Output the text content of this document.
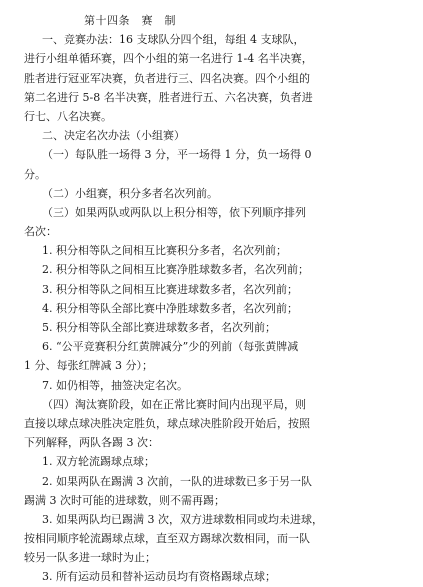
第十四条　赛　制
一、竞赛办法：16 支球队分四个组，每组 4 支球队，
进行小组单循环赛，四个小组的第一名进行 1-4 名半决赛，
胜者进行冠亚军决赛，负者进行三、四名决赛。四个小组的
第二名进行 5-8 名半决赛，胜者进行五、六名决赛，负者进
行七、八名决赛。
二、决定名次办法（小组赛）
（一）每队胜一场得 3 分，平一场得 1 分，负一场得 0
分。
（二）小组赛，积分多者名次列前。
（三）如果两队或两队以上积分相等，依下列顺序排列
名次：
1. 积分相等队之间相互比赛积分多者，名次列前；
2. 积分相等队之间相互比赛净胜球数多者，名次列前；
3. 积分相等队之间相互比赛进球数多者，名次列前；
4. 积分相等队全部比赛中净胜球数多者，名次列前；
5. 积分相等队全部比赛进球数多者，名次列前；
6. “公平竞赛积分红黄牌减分”少的列前（每张黄牌减
1 分、每张红牌减 3 分）；
7. 如仍相等，抽签决定名次。
（四）淘汰赛阶段，如在正常比赛时间内出现平局，则
直接以球点球决胜决定胜负，球点球决胜阶段开始后，按照
下列解释，两队各踢 3 次：
1. 双方轮流踢球点球；
2. 如果两队在踢满 3 次前，一队的进球数已多于另一队
踢满 3 次时可能的进球数，则不需再踢；
3. 如果两队均已踢满 3 次，双方进球数相同或均未进球，
按相同顺序轮流踢球点球，直至双方踢球次数相同，而一队
较另一队多进一球时为止；
3. 所有运动员和替补运动员均有资格踢球点球；
